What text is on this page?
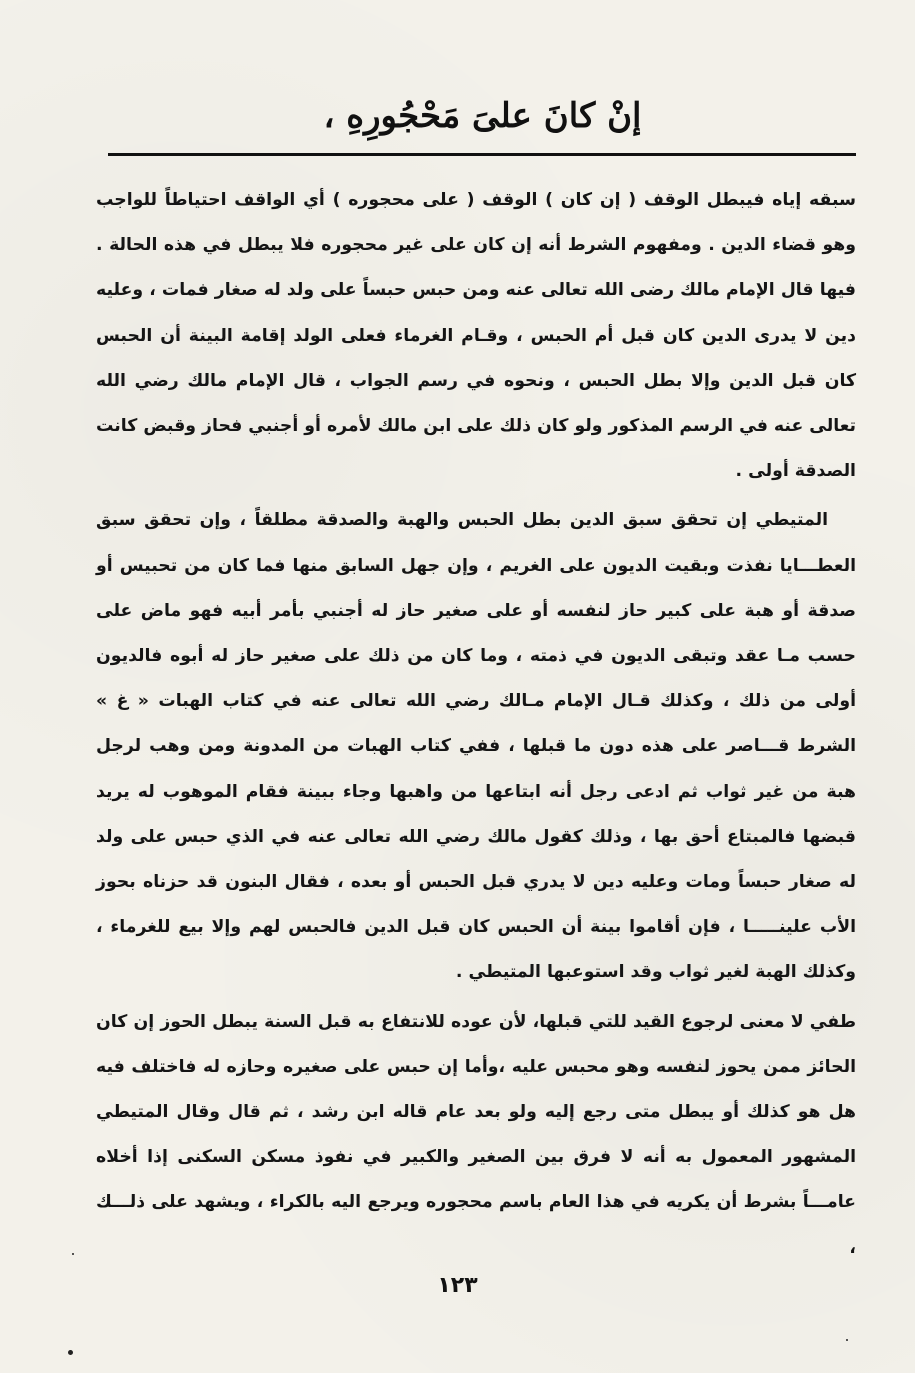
إنْ كانَ علىَ مَحْجُورِهِ ،

سبقه إياه فيبطل الوقف ( إن كان ) الوقف ( على محجوره ) أي الواقف احتياطاً للواجب وهو قضاء الدين . ومفهوم الشرط أنه إن كان على غير محجوره فلا يبطل في هذه الحالة . فيها قال الإمام مالك رضى الله تعالى عنه ومن حبس حبساً على ولد له صغار فمات ، وعليه دين لا يدرى الدين كان قبل أم الحبس ، وقـام الغرماء فعلى الولد إقامة البينة أن الحبس كان قبل الدين وإلا بطل الحبس ، ونحوه في رسم الجواب ، قال الإمام مالك رضي الله تعالى عنه في الرسم المذكور ولو كان ذلك على ابن مالك لأمره أو أجنبي فحاز وقبض كانت الصدقة أولى .

المتيطي إن تحقق سبق الدين بطل الحبس والهبة والصدقة مطلقاً ، وإن تحقق سبق العطـــايا نفذت وبقيت الديون على الغريم ، وإن جهل السابق منها فما كان من تحبيس أو صدقة أو هبة على كبير حاز لنفسه أو على صغير حاز له أجنبي بأمر أبيه فهو ماض على حسب مـا عقد وتبقى الديون في ذمته ، وما كان من ذلك على صغير حاز له أبوه فالديون أولى من ذلك ، وكذلك قـال الإمام مـالك رضي الله تعالى عنه في كتاب الهبات « غ » الشرط قـــاصر على هذه دون ما قبلها ، ففي كتاب الهبات من المدونة ومن وهب لرجل هبة من غير ثواب ثم ادعى رجل أنه ابتاعها من واهبها وجاء ببينة فقام الموهوب له يريد قبضها فالمبتاع أحق بها ، وذلك كقول مالك رضي الله تعالى عنه في الذي حبس على ولد له صغار حبساً ومات وعليه دين لا يدري قبل الحبس أو بعده ، فقال البنون قد حزناه بحوز الأب علينـــــا ، فإن أقاموا بينة أن الحبس كان قبل الدين فالحبس لهم وإلا بيع للغرماء ، وكذلك الهبة لغير ثواب وقد استوعبها المتيطي .

طفي لا معنى لرجوع القيد للتي قبلها، لأن عوده للانتفاع به قبل السنة يبطل الحوز إن كان الحائز ممن يحوز لنفسه وهو محبس عليه ،وأما إن حبس على صغيره وحازه له فاختلف فيه هل هو كذلك أو يبطل متى رجع إليه ولو بعد عام قاله ابن رشد ، ثم قال وقال المتيطي المشهور المعمول به أنه لا فرق بين الصغير والكبير في نفوذ مسكن السكنى إذا أخلاه عامـــاً بشرط أن يكريه في هذا العام باسم محجوره ويرجع اليه بالكراء ، ويشهد على ذلـــك ،

١٢٣
